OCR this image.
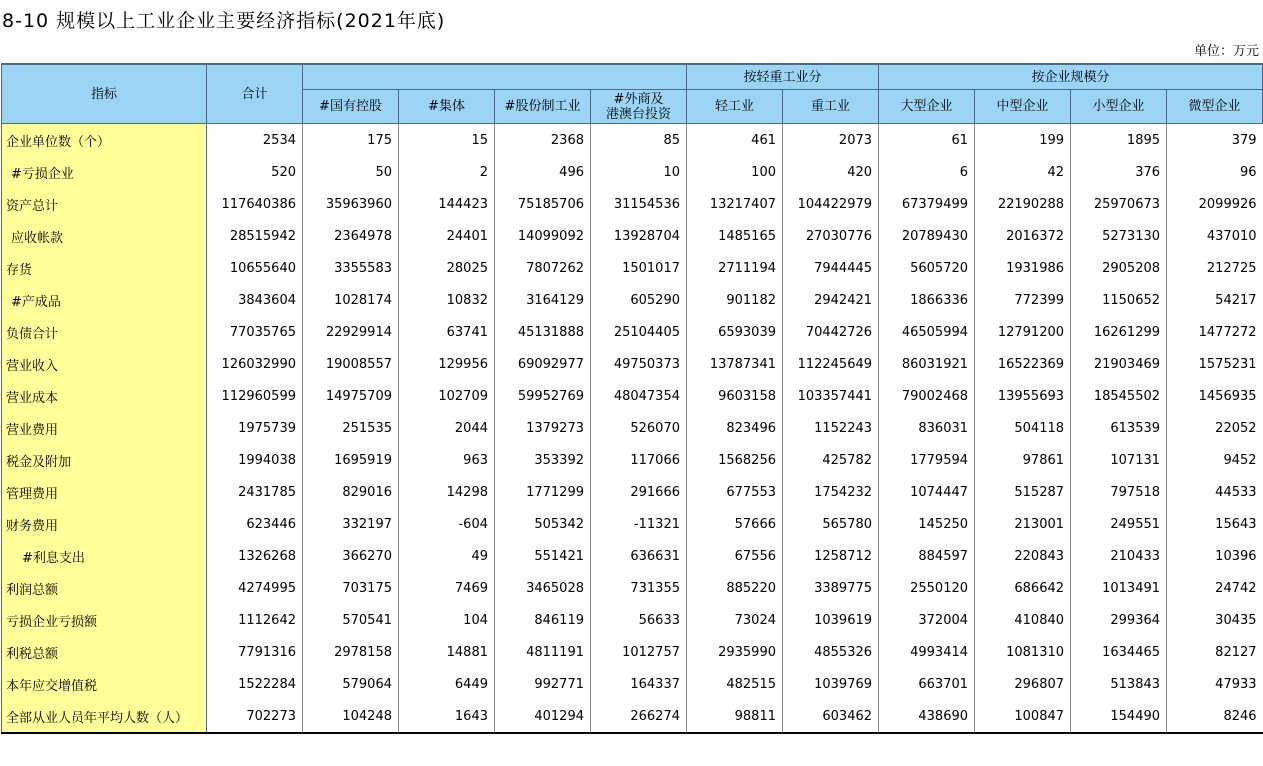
8-10 规模以上工业企业主要经济指标(2021年底)
单位：万元
指标	合计					按轻重工业分		按企业规模分			
		#国有控股	#集体	#股份制工业	#外商及
港澳台投资	轻工业	重工业	大型企业	中型企业	小型企业	微型企业
企业单位数（个）	2534	175	15	2368	85	461	2073	61	199	1895	379
#亏损企业	520	50	2	496	10	100	420	6	42	376	96
资产总计	117640386	35963960	144423	75185706	31154536	13217407	104422979	67379499	22190288	25970673	2099926
应收帐款	28515942	2364978	24401	14099092	13928704	1485165	27030776	20789430	2016372	5273130	437010
存货	10655640	3355583	28025	7807262	1501017	2711194	7944445	5605720	1931986	2905208	212725
#产成品	3843604	1028174	10832	3164129	605290	901182	2942421	1866336	772399	1150652	54217
负债合计	77035765	22929914	63741	45131888	25104405	6593039	70442726	46505994	12791200	16261299	1477272
营业收入	126032990	19008557	129956	69092977	49750373	13787341	112245649	86031921	16522369	21903469	1575231
营业成本	112960599	14975709	102709	59952769	48047354	9603158	103357441	79002468	13955693	18545502	1456935
营业费用	1975739	251535	2044	1379273	526070	823496	1152243	836031	504118	613539	22052
税金及附加	1994038	1695919	963	353392	117066	1568256	425782	1779594	97861	107131	9452
管理费用	2431785	829016	14298	1771299	291666	677553	1754232	1074447	515287	797518	44533
财务费用	623446	332197	-604	505342	-11321	57666	565780	145250	213001	249551	15643
#利息支出	1326268	366270	49	551421	636631	67556	1258712	884597	220843	210433	10396
利润总额	4274995	703175	7469	3465028	731355	885220	3389775	2550120	686642	1013491	24742
亏损企业亏损额	1112642	570541	104	846119	56633	73024	1039619	372004	410840	299364	30435
利税总额	7791316	2978158	14881	4811191	1012757	2935990	4855326	4993414	1081310	1634465	82127
本年应交增值税	1522284	579064	6449	992771	164337	482515	1039769	663701	296807	513843	47933
全部从业人员年平均人数（人）	702273	104248	1643	401294	266274	98811	603462	438690	100847	154490	8246
